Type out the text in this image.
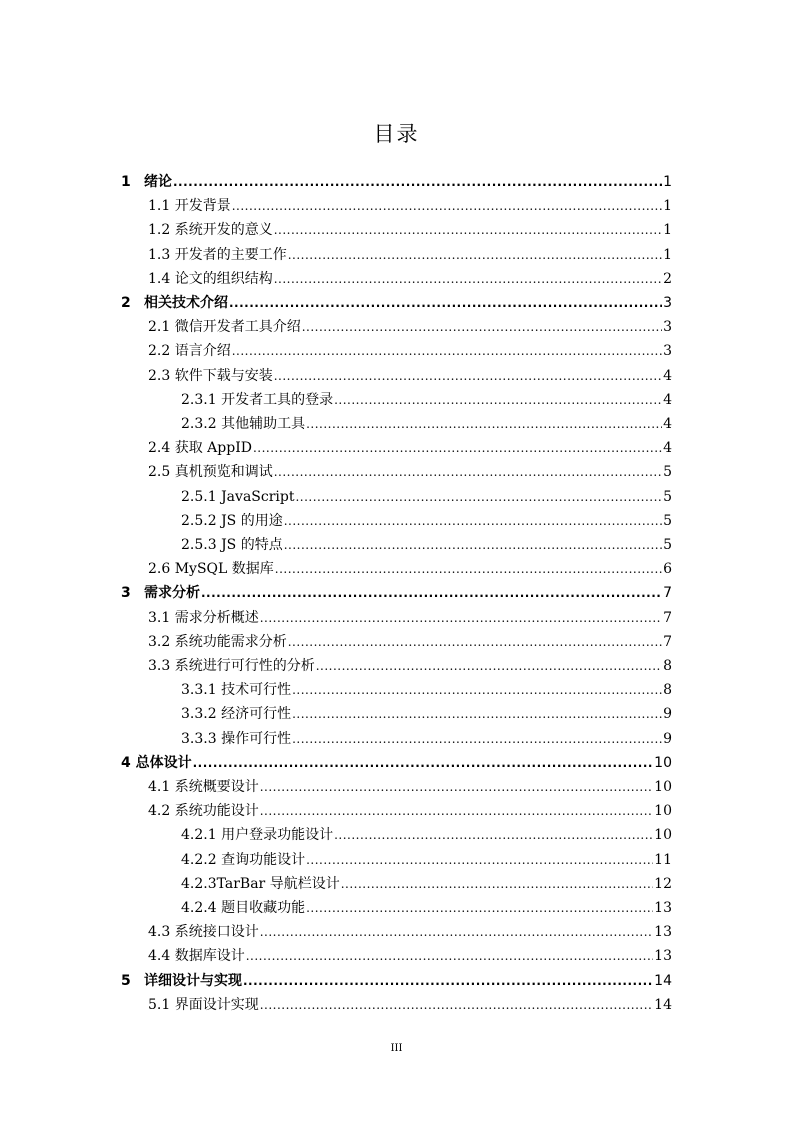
目录
1 绪论 .....	1
1.1 开发背景 .....	1
1.2 系统开发的意义 .....	1
1.3 开发者的主要工作 .....	1
1.4 论文的组织结构 .....	2
2 相关技术介绍 .....	3
2.1 微信开发者工具介绍 .....	3
2.2 语言介绍 .....	3
2.3 软件下载与安装 .....	4
2.3.1 开发者工具的登录 .....	4
2.3.2 其他辅助工具 .....	4
2.4 获取 AppID .....	4
2.5 真机预览和调试 .....	5
2.5.1 JavaScript .....	5
2.5.2 JS 的用途 .....	5
2.5.3 JS 的特点 .....	5
2.6 MySQL 数据库 .....	6
3 需求分析 .....	7
3.1 需求分析概述 .....	7
3.2 系统功能需求分析 .....	7
3.3 系统进行可行性的分析 .....	8
3.3.1 技术可行性 .....	8
3.3.2 经济可行性 .....	9
3.3.3 操作可行性 .....	9
4 总体设计 .....	10
4.1 系统概要设计 .....	10
4.2 系统功能设计 .....	10
4.2.1 用户登录功能设计 .....	10
4.2.2 查询功能设计 .....	11
4.2.3TarBar 导航栏设计 .....	12
4.2.4 题目收藏功能 .....	13
4.3 系统接口设计 .....	13
4.4 数据库设计 .....	13
5 详细设计与实现 .....	14
5.1 界面设计实现 .....	14
III
